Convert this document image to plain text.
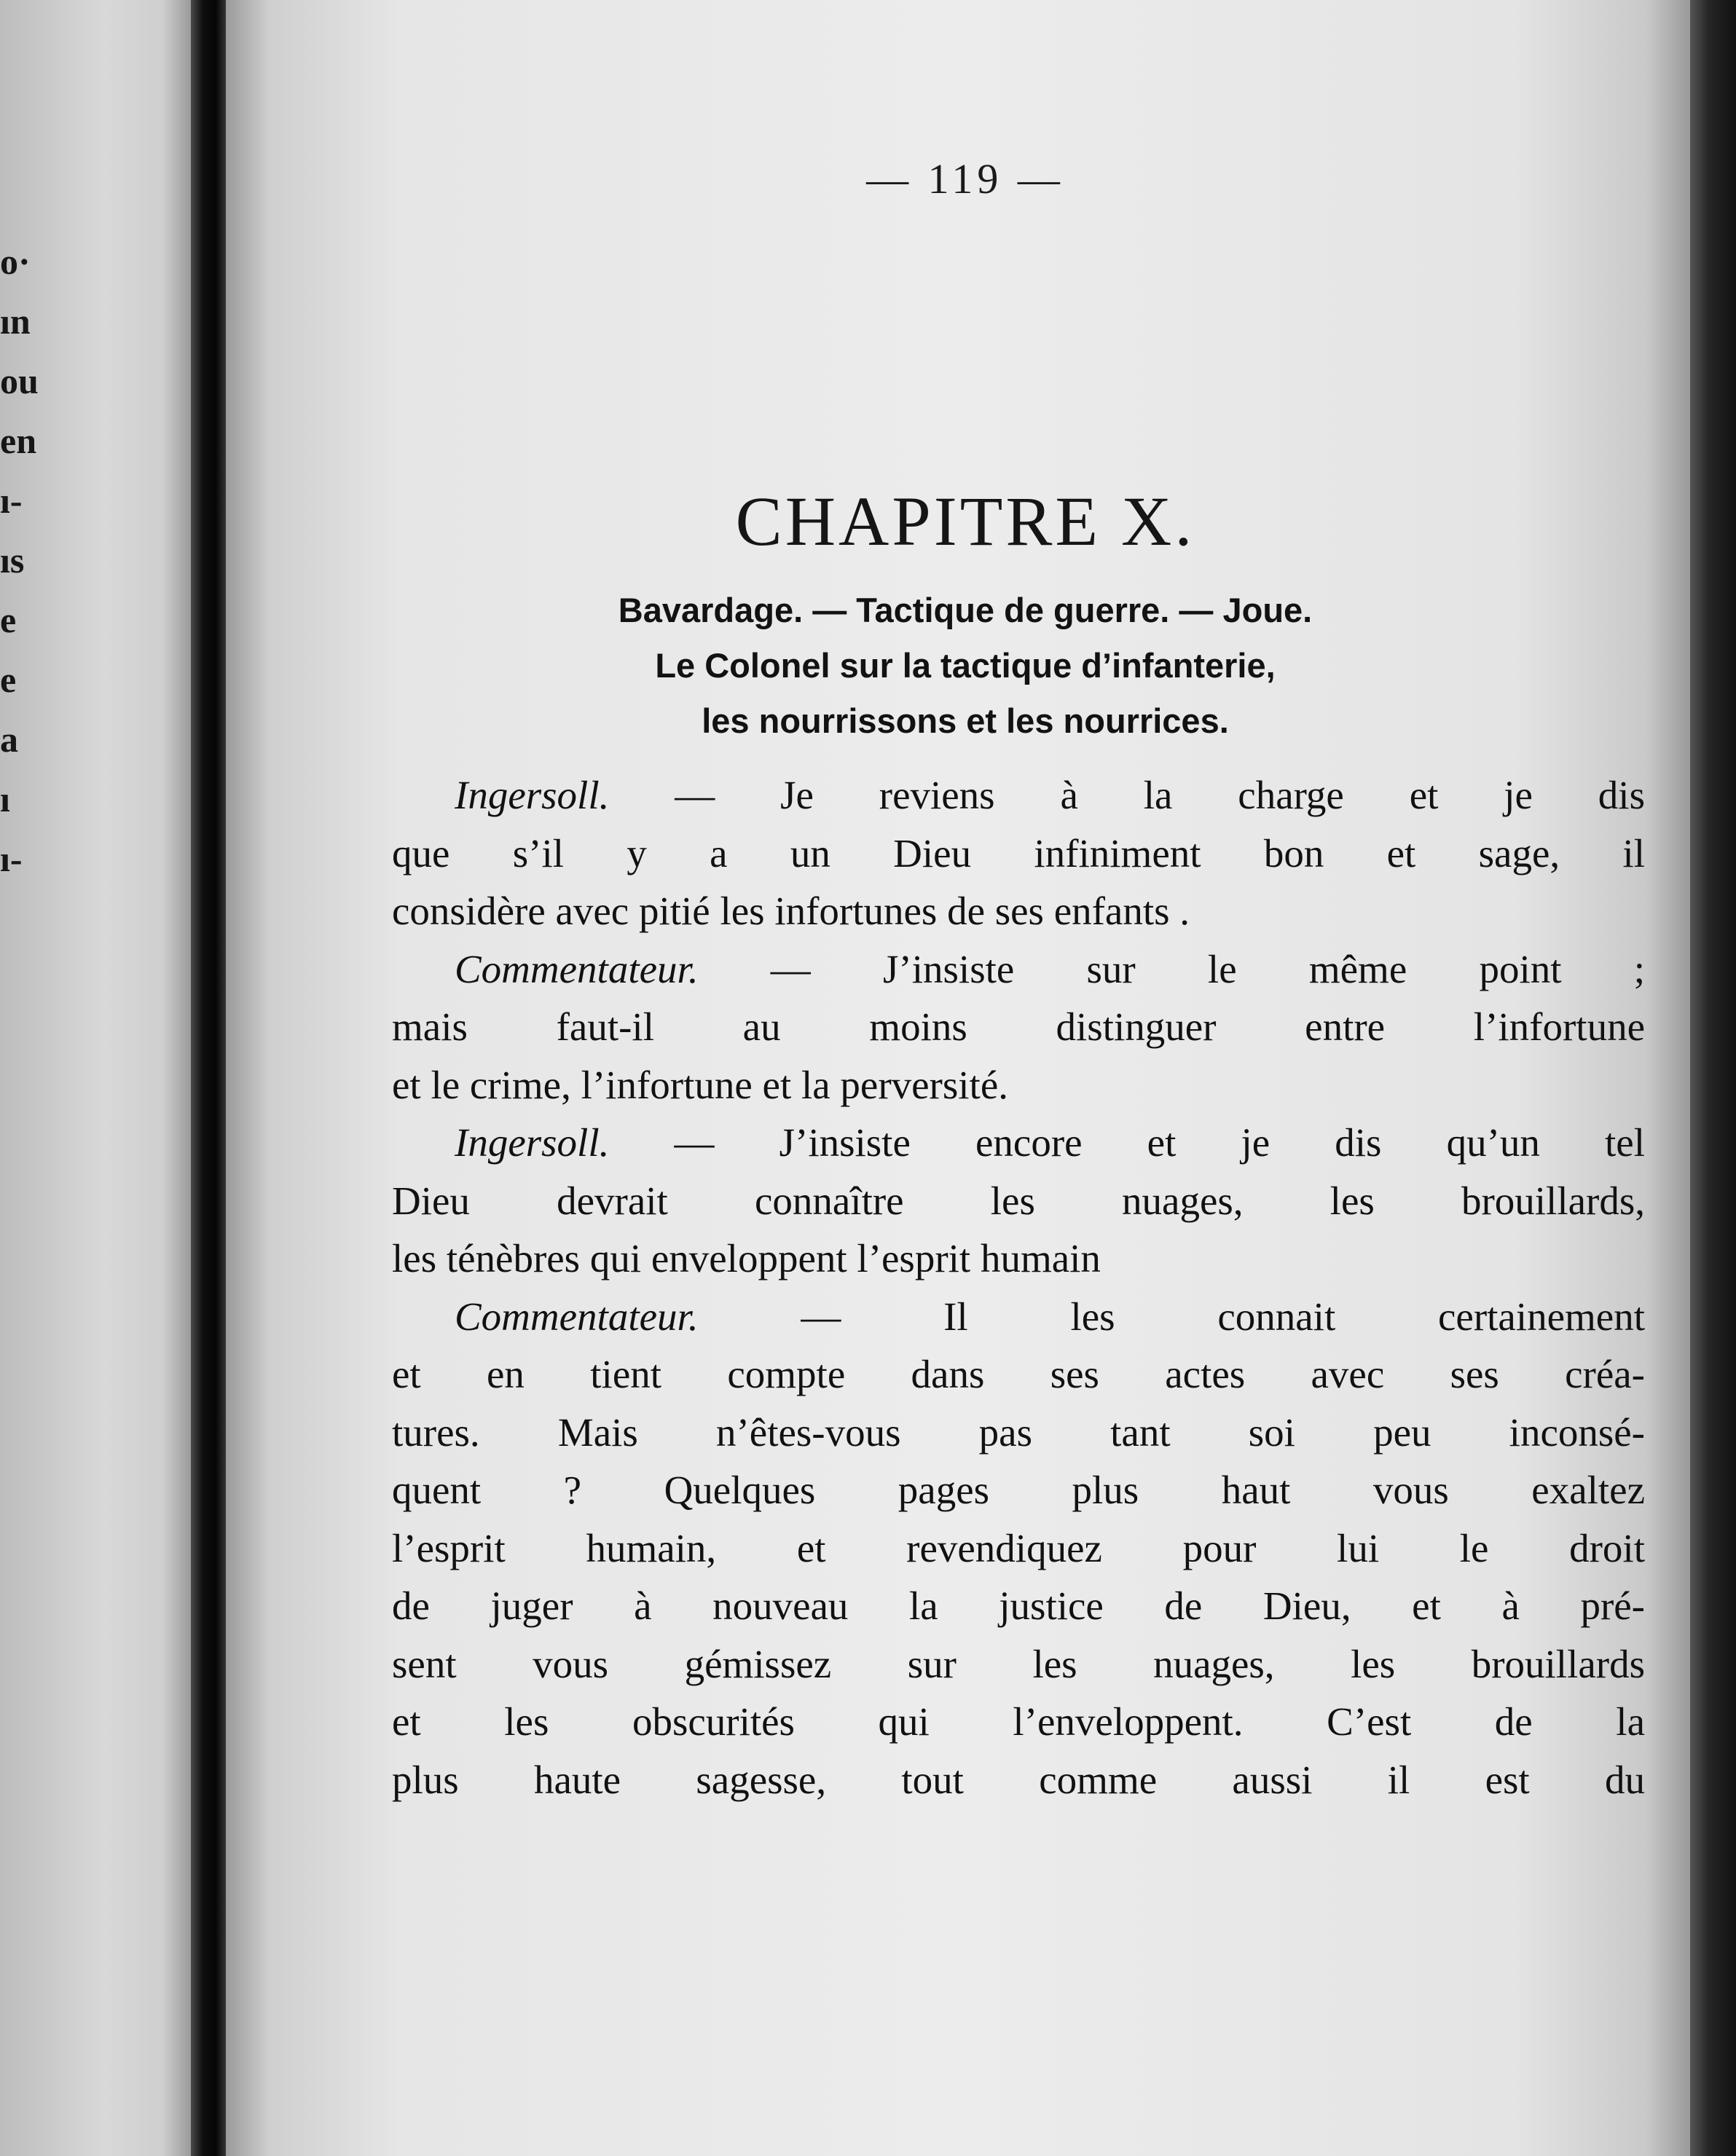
o·
ın
ou
en
ı-
ıs
e
e
a
ı
ı-
— 119 —
CHAPITRE X.
Bavardage. — Tactique de guerre. — Joue.
Le Colonel sur la tactique d’infanterie,
les nourrissons et les nourrices.
Ingersoll. — Je reviens à la charge et je dis
que s’il y a un Dieu infiniment bon et sage, il
considère avec pitié les infortunes de ses enfants .
Commentateur. — J’insiste sur le même point ;
mais faut-il au moins distinguer entre l’infortune
et le crime, l’infortune et la perversité.
Ingersoll. — J’insiste encore et je dis qu’un tel
Dieu devrait connaître les nuages, les brouillards,
les ténèbres qui enveloppent l’esprit humain
Commentateur. — Il les connait certainement
et en tient compte dans ses actes avec ses créa-
tures. Mais n’êtes-vous pas tant soi peu inconsé-
quent ? Quelques pages plus haut vous exaltez
l’esprit humain, et revendiquez pour lui le droit
de juger à nouveau la justice de Dieu, et à pré-
sent vous gémissez sur les nuages, les brouillards
et les obscurités qui l’enveloppent. C’est de la
plus haute sagesse, tout comme aussi il est du
